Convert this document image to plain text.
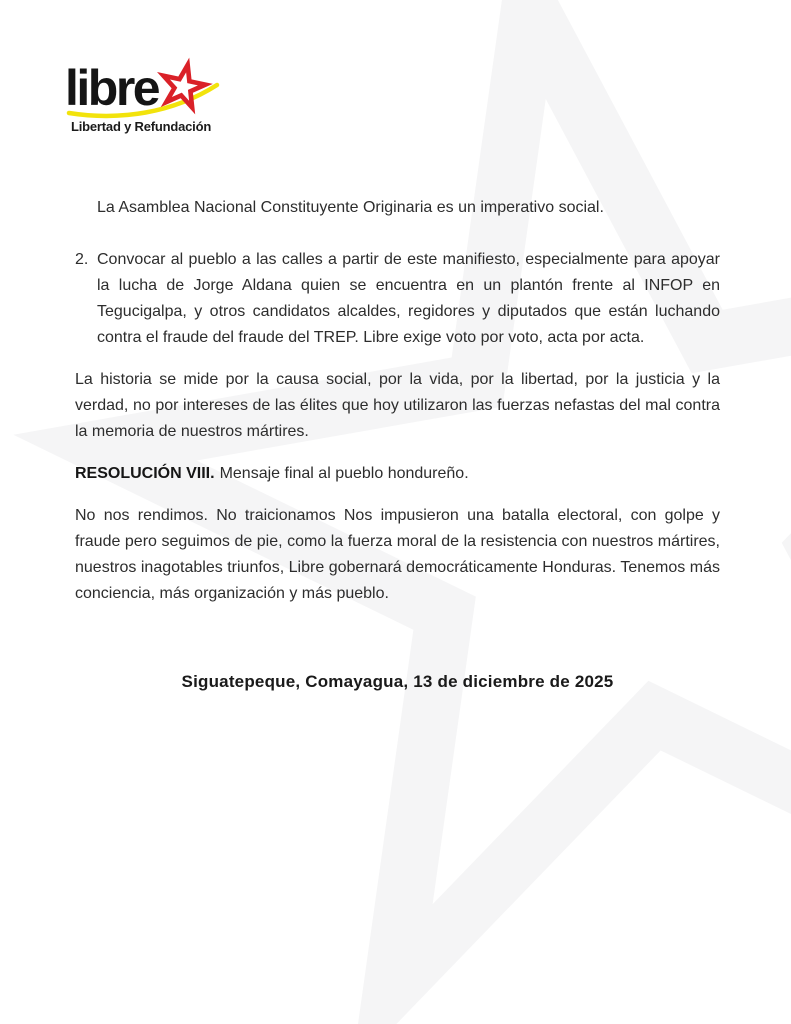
libre
Libertad y Refundación

La Asamblea Nacional Constituyente Originaria es un imperativo social.

2. Convocar al pueblo a las calles a partir de este manifiesto, especialmente para apoyar la lucha de Jorge Aldana quien se encuentra en un plantón frente al INFOP en Tegucigalpa, y otros candidatos alcaldes, regidores y diputados que están luchando contra el fraude del fraude del TREP. Libre exige voto por voto, acta por acta.

La historia se mide por la causa social, por la vida, por la libertad, por la justicia y la verdad, no por intereses de las élites que hoy utilizaron las fuerzas nefastas del mal contra la memoria de nuestros mártires.

RESOLUCIÓN VIII. Mensaje final al pueblo hondureño.

No nos rendimos. No traicionamos Nos impusieron una batalla electoral, con golpe y fraude pero seguimos de pie, como la fuerza moral de la resistencia con nuestros mártires, nuestros inagotables triunfos, Libre gobernará democráticamente Honduras. Tenemos más conciencia, más organización y más pueblo.

Siguatepeque, Comayagua, 13 de diciembre de 2025
